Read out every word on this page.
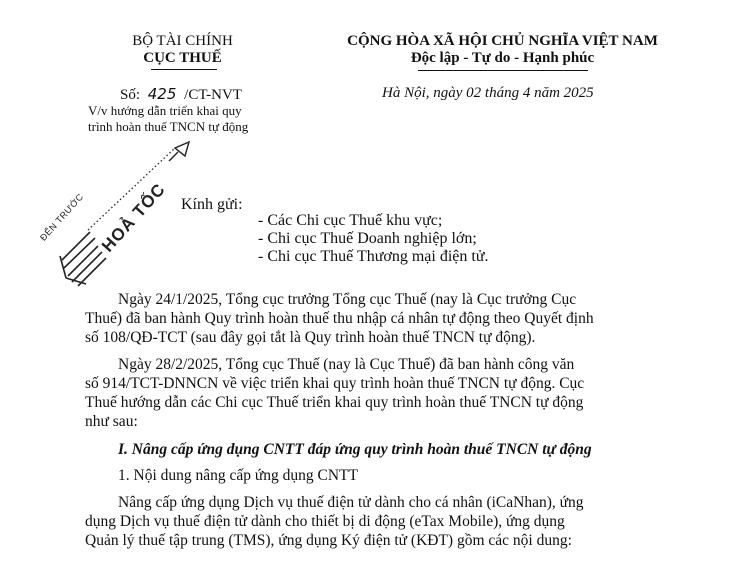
BỘ TÀI CHÍNH
CỤC THUẾ
Số: 425 /CT-NVT
V/v hướng dẫn triển khai quy
trình hoàn thuế TNCN tự động
CỘNG HÒA XÃ HỘI CHỦ NGHĨA VIỆT NAM
Độc lập - Tự do - Hạnh phúc
Hà Nội, ngày 02 tháng 4 năm 2025
ĐẾN TRƯỚC HOẢ TỐC Kính gửi:
- Các Chi cục Thuế khu vực;
- Chi cục Thuế Doanh nghiệp lớn;
- Chi cục Thuế Thương mại điện tử.
Ngày 24/1/2025, Tổng cục trưởng Tổng cục Thuế (nay là Cục trưởng Cục
Thuế) đã ban hành Quy trình hoàn thuế thu nhập cá nhân tự động theo Quyết định
số 108/QĐ-TCT (sau đây gọi tắt là Quy trình hoàn thuế TNCN tự động).
Ngày 28/2/2025, Tổng cục Thuế (nay là Cục Thuế) đã ban hành công văn
số 914/TCT-DNNCN về việc triển khai quy trình hoàn thuế TNCN tự động. Cục
Thuế hướng dẫn các Chi cục Thuế triển khai quy trình hoàn thuế TNCN tự động
như sau:
I. Nâng cấp ứng dụng CNTT đáp ứng quy trình hoàn thuế TNCN tự động
1. Nội dung nâng cấp ứng dụng CNTT
Nâng cấp ứng dụng Dịch vụ thuế điện tử dành cho cá nhân (iCaNhan), ứng
dụng Dịch vụ thuế điện tử dành cho thiết bị di động (eTax Mobile), ứng dụng
Quản lý thuế tập trung (TMS), ứng dụng Ký điện tử (KĐT) gồm các nội dung:
